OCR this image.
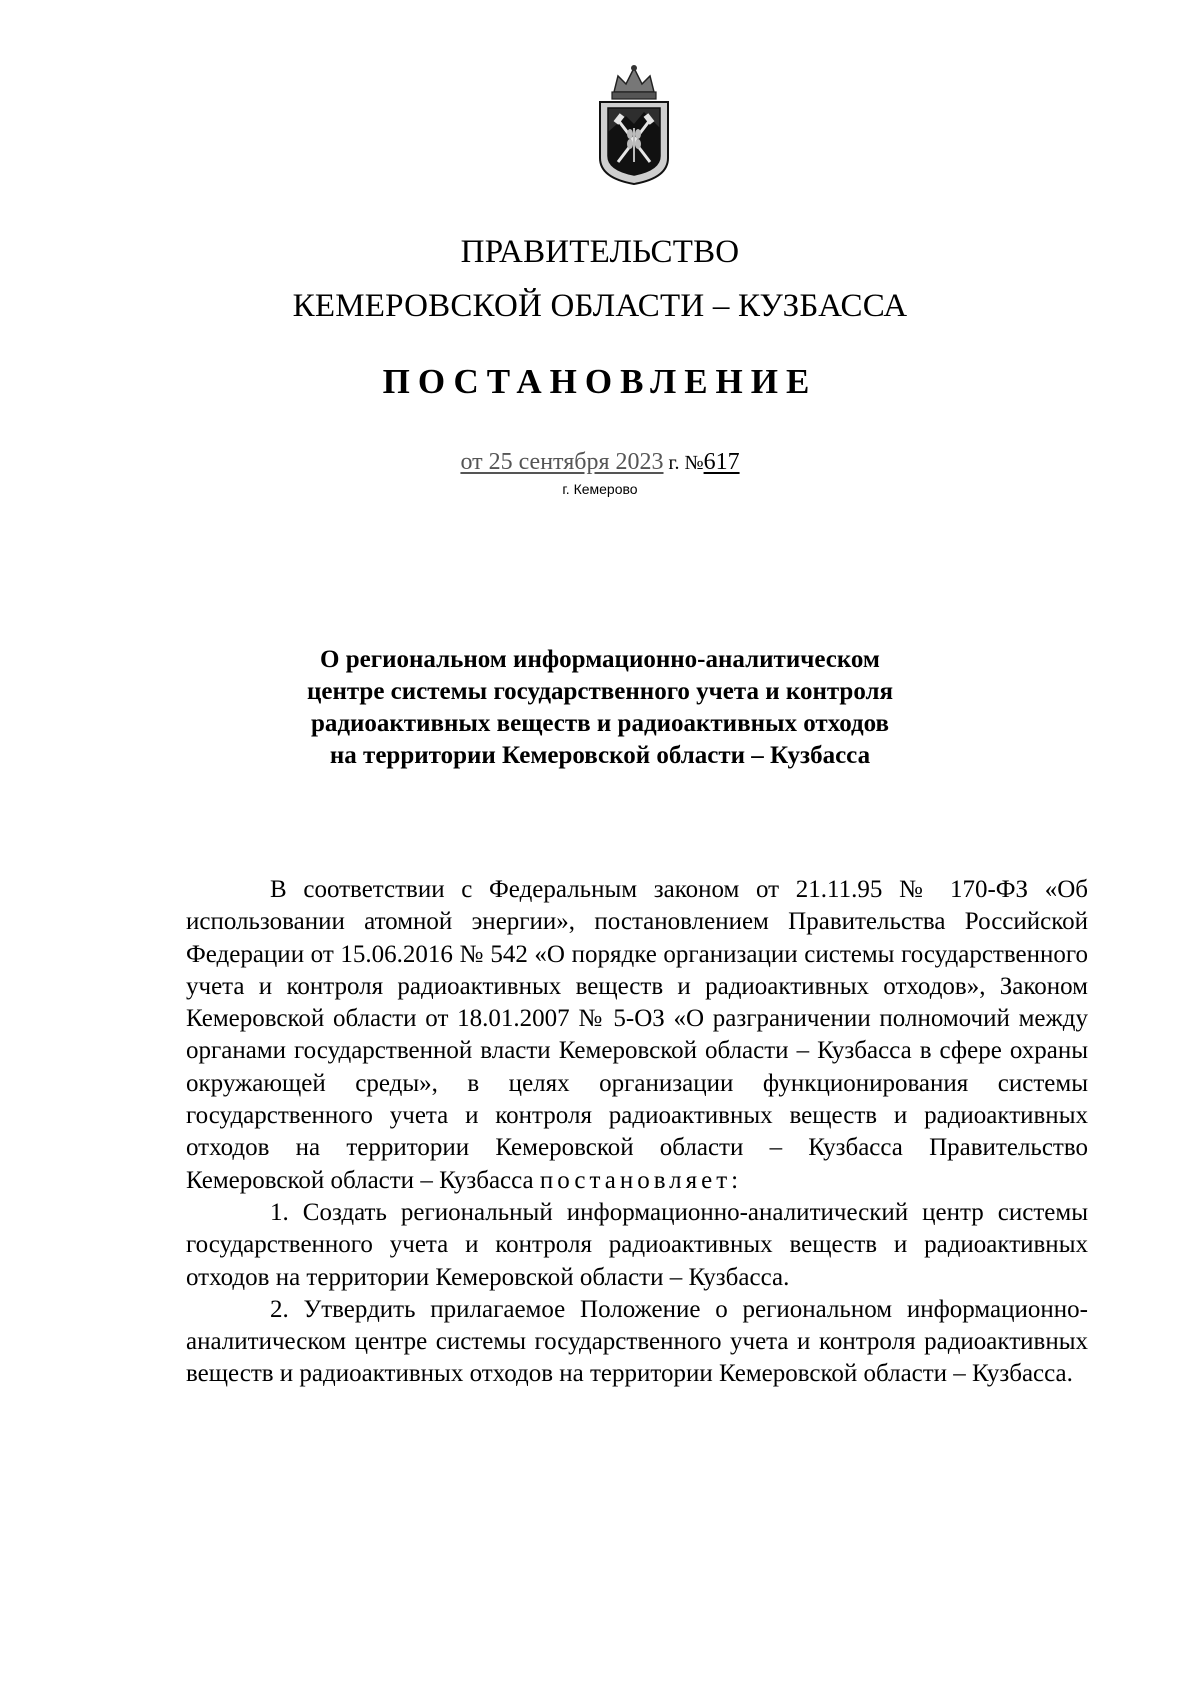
ПРАВИТЕЛЬСТВО
КЕМЕРОВСКОЙ ОБЛАСТИ – КУЗБАССА
ПОСТАНОВЛЕНИЕ
от 25 сентября 2023 г. №617
г. Кемерово
О региональном информационно-аналитическом
центре системы государственного учета и контроля
радиоактивных веществ и радиоактивных отходов
на территории Кемеровской области – Кузбасса

В соответствии с Федеральным законом от 21.11.95 № 170-ФЗ «Об использовании атомной энергии», постановлением Правительства Российской Федерации от 15.06.2016 № 542 «О порядке организации системы государственного учета и контроля радиоактивных веществ и радиоактивных отходов», Законом Кемеровской области от 18.01.2007 № 5-ОЗ «О разграничении полномочий между органами государственной власти Кемеровской области – Кузбасса в сфере охраны окружающей среды», в целях организации функционирования системы государственного учета и контроля радиоактивных веществ и радиоактивных отходов на территории Кемеровской области – Кузбасса Правительство Кемеровской области – Кузбасса постановляет:

1. Создать региональный информационно-аналитический центр системы государственного учета и контроля радиоактивных веществ и радиоактивных отходов на территории Кемеровской области – Кузбасса.

2. Утвердить прилагаемое Положение о региональном информационно-аналитическом центре системы государственного учета и контроля радиоактивных веществ и радиоактивных отходов на территории Кемеровской области – Кузбасса.
